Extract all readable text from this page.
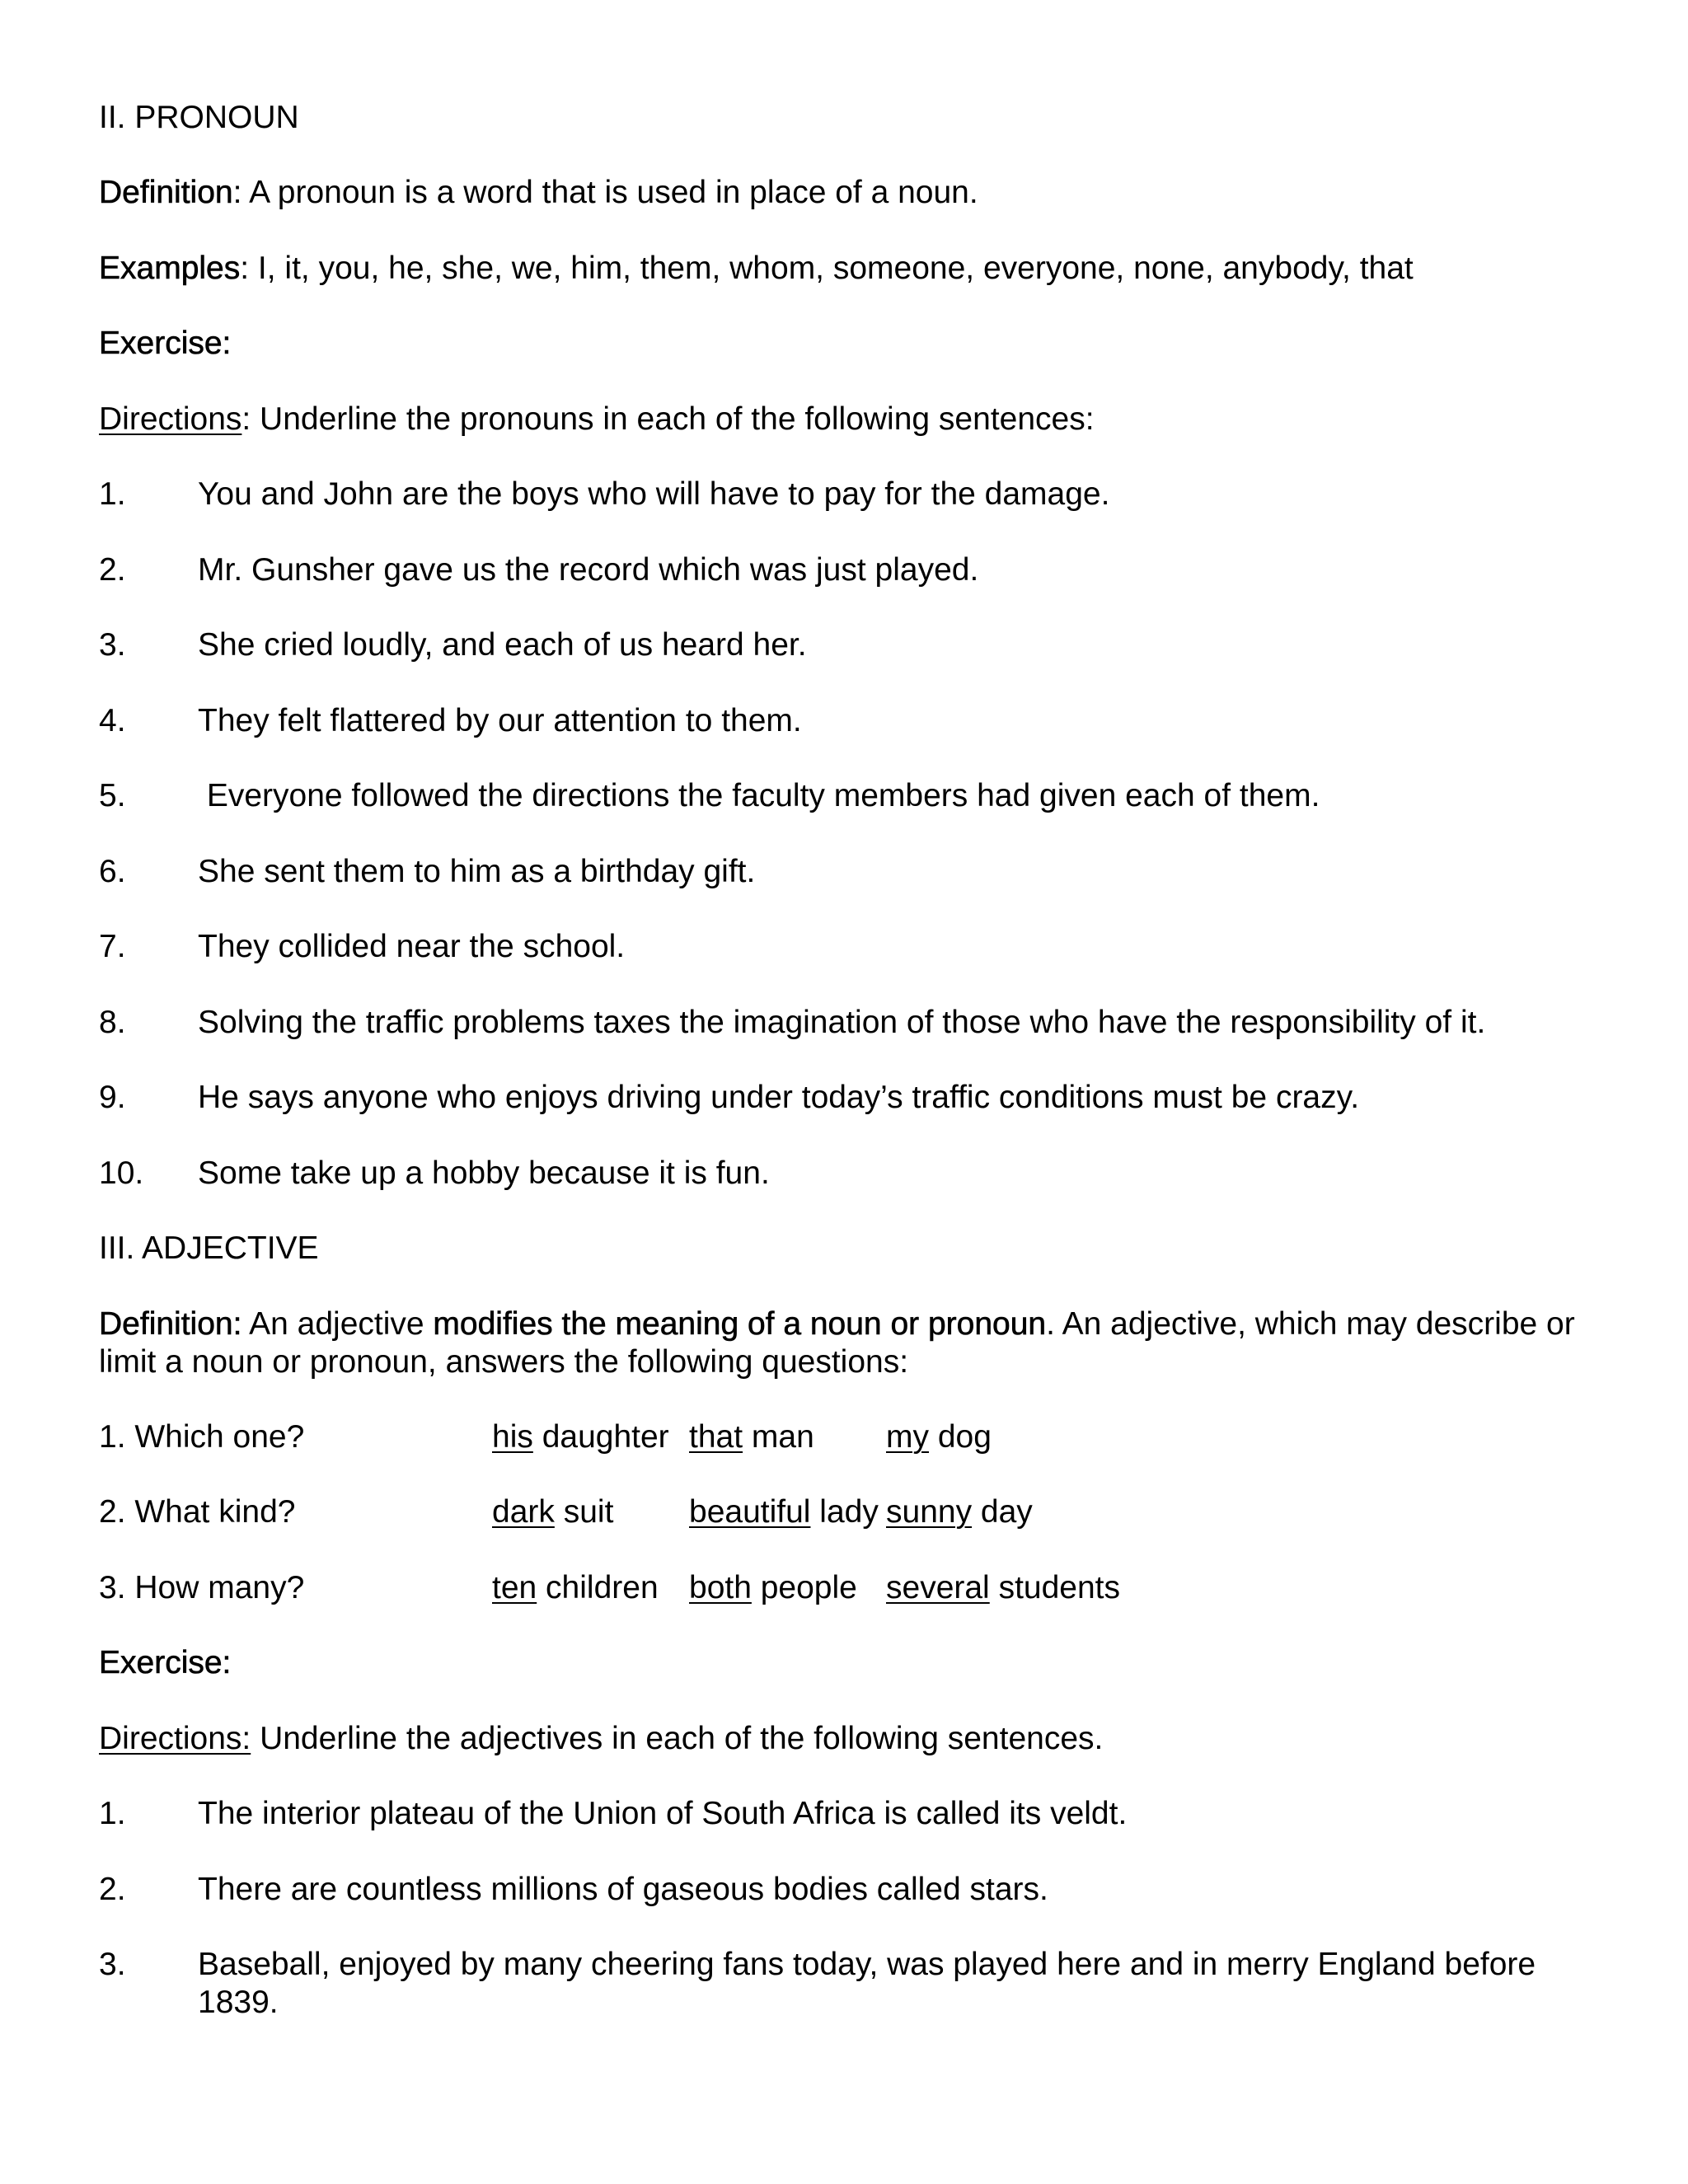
II. PRONOUN
Definition: A pronoun is a word that is used in place of a noun.
Examples: I, it, you, he, she, we, him, them, whom, someone, everyone, none, anybody, that
Exercise:
Directions: Underline the pronouns in each of the following sentences:
1. You and John are the boys who will have to pay for the damage.
2. Mr. Gunsher gave us the record which was just played.
3. She cried loudly, and each of us heard her.
4. They felt flattered by our attention to them.
5. Everyone followed the directions the faculty members had given each of them.
6. She sent them to him as a birthday gift.
7. They collided near the school.
8. Solving the traffic problems taxes the imagination of those who have the responsibility of it.
9. He says anyone who enjoys driving under today’s traffic conditions must be crazy.
10. Some take up a hobby because it is fun.
III. ADJECTIVE
Definition: An adjective modifies the meaning of a noun or pronoun. An adjective, which may describe or limit a noun or pronoun, answers the following questions:
1. Which one?	his daughter that man my dog
2. What kind?	dark suit beautiful lady sunny day
3. How many?	ten children both people several students
Exercise:
Directions: Underline the adjectives in each of the following sentences.
1. The interior plateau of the Union of South Africa is called its veldt.
2. There are countless millions of gaseous bodies called stars.
3. Baseball, enjoyed by many cheering fans today, was played here and in merry England before 1839.
